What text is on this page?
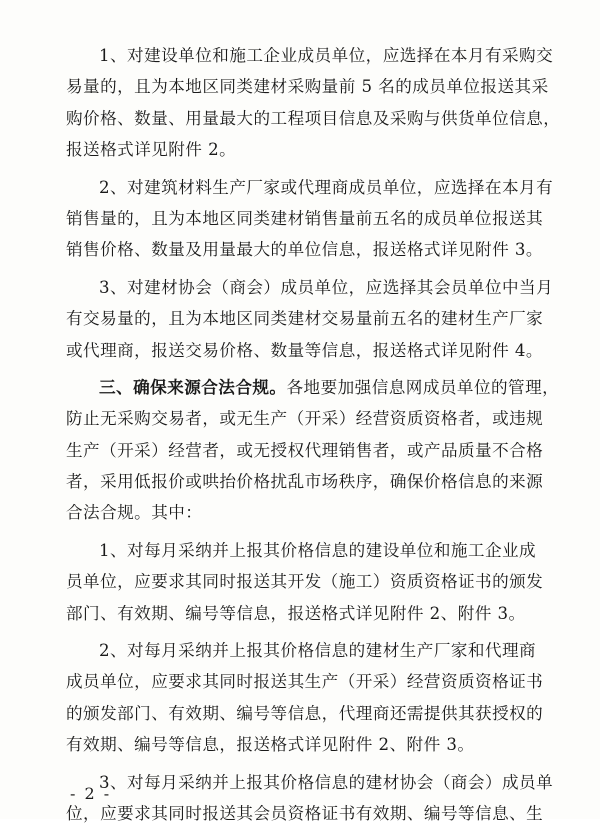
1、对建设单位和施工企业成员单位，应选择在本月有采购交
易量的，且为本地区同类建材采购量前 5 名的成员单位报送其采
购价格、数量、用量最大的工程项目信息及采购与供货单位信息，
报送格式详见附件 2。
2、对建筑材料生产厂家或代理商成员单位，应选择在本月有
销售量的，且为本地区同类建材销售量前五名的成员单位报送其
销售价格、数量及用量最大的单位信息，报送格式详见附件 3。
3、对建材协会（商会）成员单位，应选择其会员单位中当月
有交易量的，且为本地区同类建材交易量前五名的建材生产厂家
或代理商，报送交易价格、数量等信息，报送格式详见附件 4。
三、确保来源合法合规。各地要加强信息网成员单位的管理，
防止无采购交易者，或无生产（开采）经营资质资格者，或违规
生产（开采）经营者，或无授权代理销售者，或产品质量不合格
者，采用低报价或哄抬价格扰乱市场秩序，确保价格信息的来源
合法合规。其中：
1、对每月采纳并上报其价格信息的建设单位和施工企业成
员单位，应要求其同时报送其开发（施工）资质资格证书的颁发
部门、有效期、编号等信息，报送格式详见附件 2、附件 3。
2、对每月采纳并上报其价格信息的建材生产厂家和代理商
成员单位，应要求其同时报送其生产（开采）经营资质资格证书
的颁发部门、有效期、编号等信息，代理商还需提供其获授权的
有效期、编号等信息，报送格式详见附件 2、附件 3。
3、对每月采纳并上报其价格信息的建材协会（商会）成员单
位，应要求其同时报送其会员资格证书有效期、编号等信息、生
- 2 -
